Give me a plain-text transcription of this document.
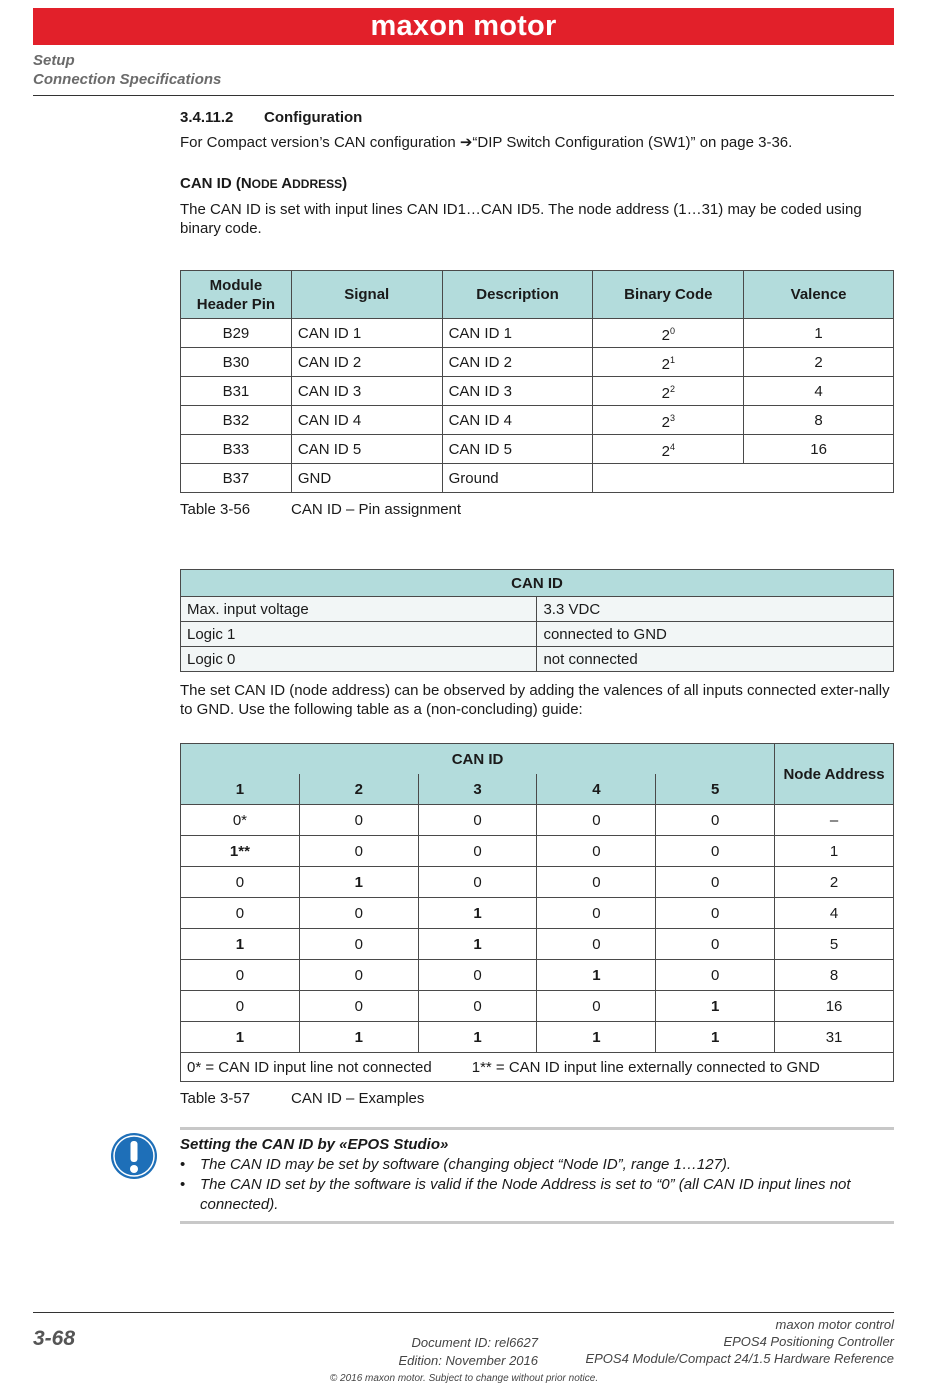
maxon motor
Setup
Connection Specifications
3.4.11.2	Configuration

For Compact version’s CAN configuration ➔“DIP Switch Configuration (SW1)” on page 3-36.

CAN ID (NODE ADDRESS)

The CAN ID is set with input lines CAN ID1…CAN ID5. The node address (1…31) may be coded using binary code.

Module Header Pin	Signal	Description	Binary Code	Valence
B29	CAN ID 1	CAN ID 1	$2^0$	1
B30	CAN ID 2	CAN ID 2	$2^1$	2
B31	CAN ID 3	CAN ID 3	$2^2$	4
B32	CAN ID 4	CAN ID 4	$2^3$	8
B33	CAN ID 5	CAN ID 5	$2^4$	16
B37	GND	Ground		
Table 3-56	CAN ID – Pin assignment
CAN ID	
Max. input voltage	3.3 VDC
Logic 1	connected to GND
Logic 0	not connected

The set CAN ID (node address) can be observed by adding the valences of all inputs connected exter-nally to GND. Use the following table as a (non-concluding) guide:

CAN ID					Node Address
1	2	3	4	5	
0*	0	0	0	0	–
1**	0	0	0	0	1
0	1	0	0	0	2
0	0	1	0	0	4
1	0	1	0	0	5
0	0	0	1	0	8
0	0	0	0	1	16
1	1	1	1	1	31
0* = CAN ID input line not connected 1** = CAN ID input line externally connected to GND					
Table 3-57	CAN ID – Examples
Setting the CAN ID by «EPOS Studio»
• The CAN ID may be set by software (changing object “Node ID”, range 1…127).
• The CAN ID set by the software is valid if the Node Address is set to “0” (all CAN ID input lines not connected).
3-68	Document ID: rel6627
Edition: November 2016
maxon motor control
EPOS4 Positioning Controller
EPOS4 Module/Compact 24/1.5 Hardware Reference
© 2016 maxon motor. Subject to change without prior notice.
